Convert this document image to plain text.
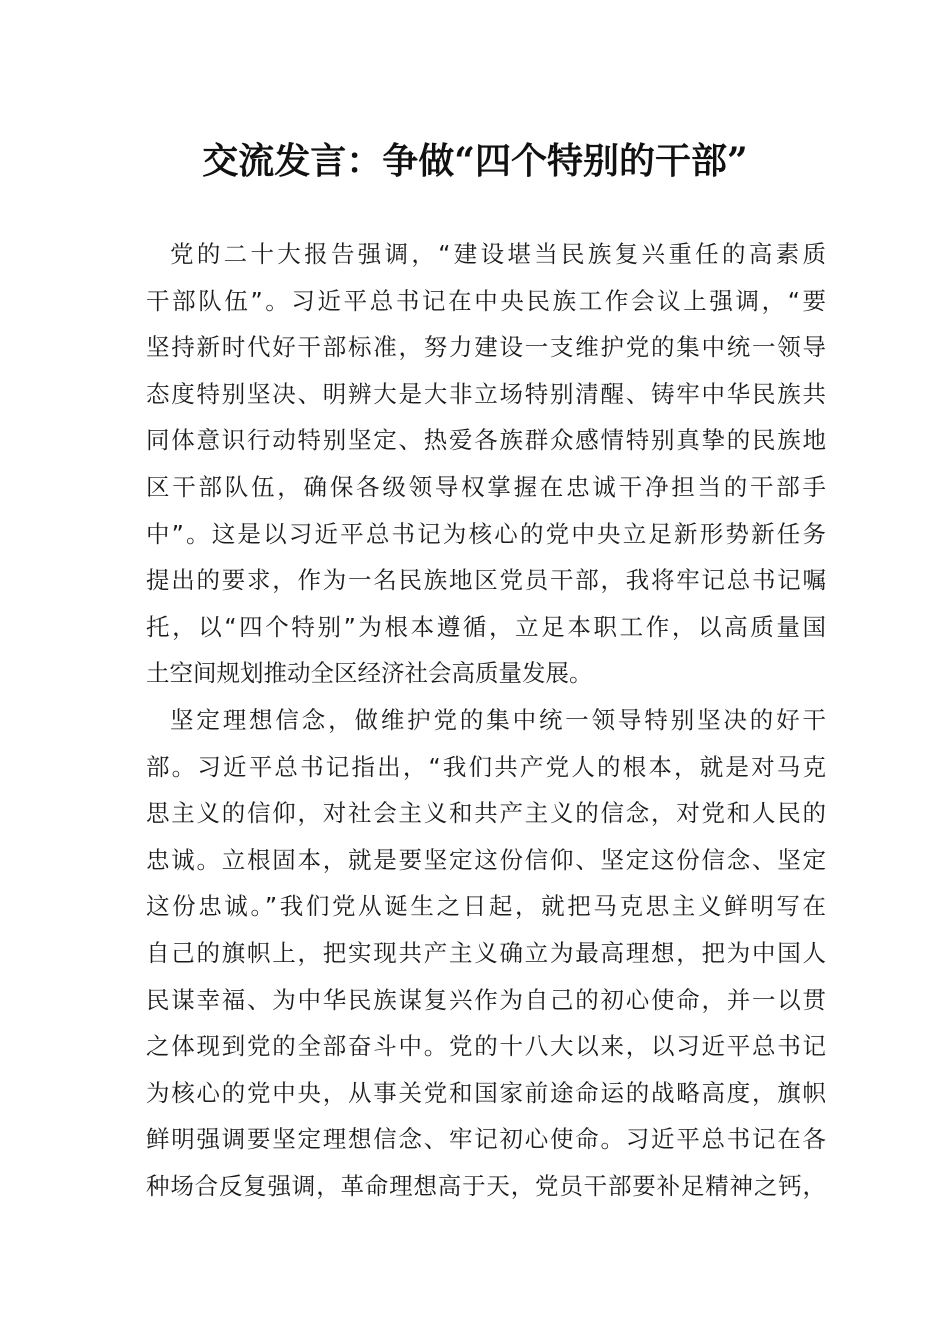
交流发言：争做“四个特别的干部”
党的二十大报告强调，“建设堪当民族复兴重任的高素质
干部队伍”。习近平总书记在中央民族工作会议上强调，“要
坚持新时代好干部标准，努力建设一支维护党的集中统一领导
态度特别坚决、明辨大是大非立场特别清醒、铸牢中华民族共
同体意识行动特别坚定、热爱各族群众感情特别真挚的民族地
区干部队伍，确保各级领导权掌握在忠诚干净担当的干部手
中”。这是以习近平总书记为核心的党中央立足新形势新任务
提出的要求，作为一名民族地区党员干部，我将牢记总书记嘱
托，以“四个特别”为根本遵循，立足本职工作，以高质量国
土空间规划推动全区经济社会高质量发展。
坚定理想信念，做维护党的集中统一领导特别坚决的好干
部。习近平总书记指出，“我们共产党人的根本，就是对马克
思主义的信仰，对社会主义和共产主义的信念，对党和人民的
忠诚。立根固本，就是要坚定这份信仰、坚定这份信念、坚定
这份忠诚。”我们党从诞生之日起，就把马克思主义鲜明写在
自己的旗帜上，把实现共产主义确立为最高理想，把为中国人
民谋幸福、为中华民族谋复兴作为自己的初心使命，并一以贯
之体现到党的全部奋斗中。党的十八大以来，以习近平总书记
为核心的党中央，从事关党和国家前途命运的战略高度，旗帜
鲜明强调要坚定理想信念、牢记初心使命。习近平总书记在各
种场合反复强调，革命理想高于天，党员干部要补足精神之钙，
